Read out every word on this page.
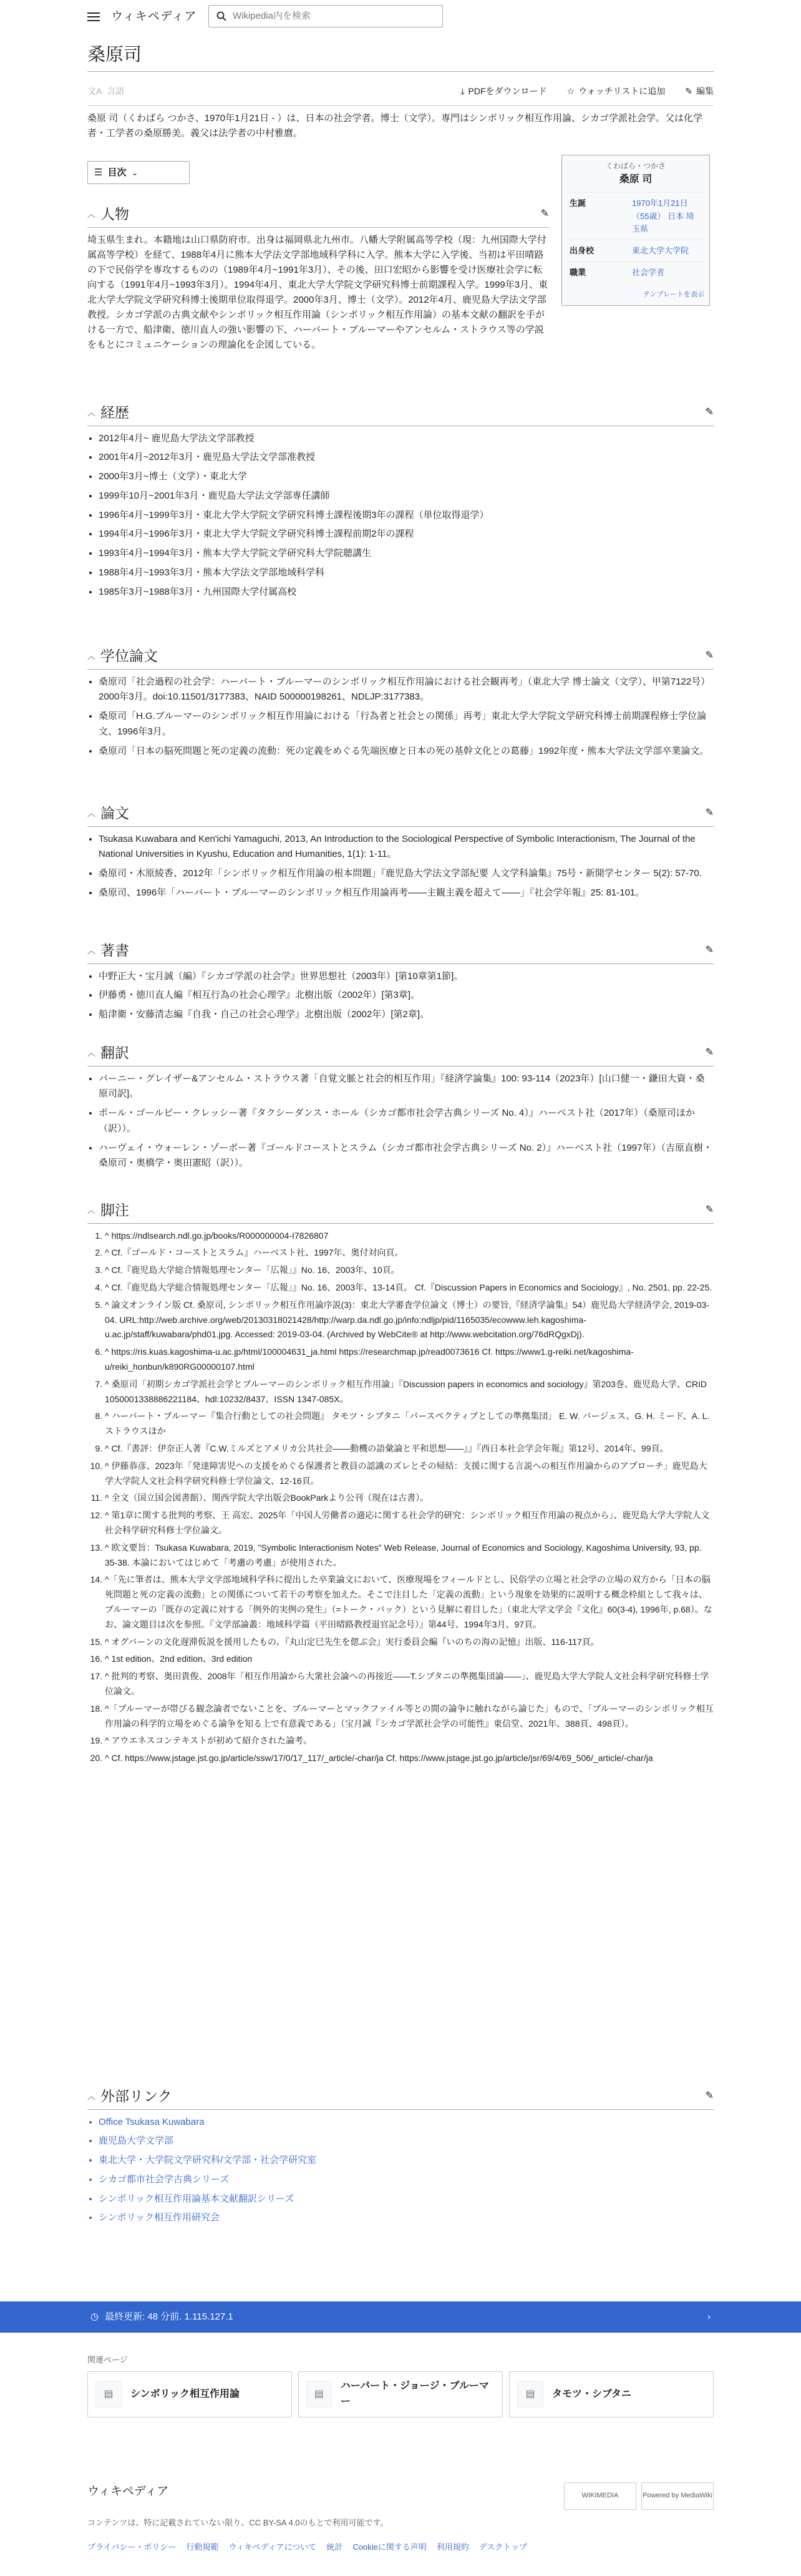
ウィキペディア	Wikipedia内を検索
桑原司
文A 言語	⤓ PDFをダウンロード ☆ ウォッチリストに追加 ✎ 編集
桑原 司（くわばら つかさ、1970年1月21日 - ）は、日本の社会学者。博士（文学）。専門はシンボリック相互作用論、シカゴ学派社会学。父は化学者・工学者の桑原勝美。義父は法学者の中村雅麿。
☰ 目次 ⌄
くわばら・つかさ
桑原 司
生誕	1970年1月21日（55歳） 日本 埼玉県
出身校	東北大学大学院
職業	社会学者
テンプレートを表示
︿ 人物	✎
埼玉県生まれ。本籍地は山口県防府市。出身は福岡県北九州市。八幡大学附属高等学校（現：九州国際大学付属高等学校）を経て、1988年4月に熊本大学法文学部地域科学科に入学。熊本大学に入学後、当初は平田晴路の下で民俗学を専攻するものの（1989年4月~1991年3月）、その後、田口宏昭から影響を受け医療社会学に転向する（1991年4月~1993年3月）。1994年4月、東北大学大学院文学研究科博士前期課程入学。1999年3月、東北大学大学院文学研究科博士後期単位取得退学。2000年3月、博士（文学）。2012年4月、鹿児島大学法文学部教授。シカゴ学派の古典文献やシンボリック相互作用論（シンボリック相互作用論）の基本文献の翻訳を手がける一方で、船津衛、徳川直人の強い影響の下、ハーバート・ブルーマーやアンセルム・ストラウス等の学説をもとにコミュニケーションの理論化を企図している。
︿ 経歴	✎
• 2012年4月~ 鹿児島大学法文学部教授
• 2001年4月~2012年3月・鹿児島大学法文学部准教授
• 2000年3月~博士（文学）・東北大学
• 1999年10月~2001年3月・鹿児島大学法文学部専任講師
• 1996年4月~1999年3月・東北大学大学院文学研究科博士課程後期3年の課程（単位取得退学）
• 1994年4月~1996年3月・東北大学大学院文学研究科博士課程前期2年の課程
• 1993年4月~1994年3月・熊本大学大学院文学研究科大学院聴講生
• 1988年4月~1993年3月・熊本大学法文学部地域科学科
• 1985年3月~1988年3月・九州国際大学付属高校
︿ 学位論文	✎
• 桑原司「社会過程の社会学：ハーバート・ブルーマーのシンボリック相互作用論における社会観再考」（東北大学 博士論文（文学）、甲第7122号）2000年3月。doi:10.11501/3177383、NAID 500000198261、NDLJP:3177383。
• 桑原司「H.G.ブルーマーのシンボリック相互作用論における「行為者と社会との関係」再考」東北大学大学院文学研究科博士前期課程修士学位論文、1996年3月。
• 桑原司「日本の脳死問題と死の定義の流動：死の定義をめぐる先端医療と日本の死の基幹文化との葛藤」1992年度・熊本大学法文学部卒業論文。
︿ 論文	✎
• Tsukasa Kuwabara and Ken'ichi Yamaguchi, 2013, An Introduction to the Sociological Perspective of Symbolic Interactionism, The Journal of the National Universities in Kyushu, Education and Humanities, 1(1): 1-11。
• 桑原司・木原綾香、2012年「シンボリック相互作用論の根本問題」『鹿児島大学法文学部紀要 人文学科論集』75号・新開学センター 5(2): 57-70.
• 桑原司、1996年「ハーバート・ブルーマーのシンボリック相互作用論再考――主観主義を超えて――」『社会学年報』25: 81-101。
︿ 著書	✎
• 中野正大・宝月誠（編）『シカゴ学派の社会学』世界思想社（2003年）[第10章第1節]。
• 伊藤勇・徳川直人編『相互行為の社会心理学』北樹出版（2002年）[第3章]。
• 船津衛・安藤清志編『自我・自己の社会心理学』北樹出版（2002年）[第2章]。
︿ 翻訳	✎
• バーニー・グレイザー&アンセルム・ストラウス著「自覚文脈と社会的相互作用」『経済学論集』100: 93-114（2023年）[山口健一・鎌田大資・桑原司訳]。
• ポール・ゴールビー・クレッシー著『タクシーダンス・ホール（シカゴ都市社会学古典シリーズ No. 4）』ハーベスト社（2017年）（桑原司ほか（訳））。
• ハーヴェイ・ウォーレン・ゾーボー著『ゴールドコーストとスラム（シカゴ都市社会学古典シリーズ No. 2）』ハーベスト社（1997年）（吉原直樹・桑原司・奥橋学・奥田憲昭（訳））。
︿ 脚注	✎
1. ^ https://ndlsearch.ndl.go.jp/books/R000000004-I7826807
2. ^ Cf.『ゴールド・コーストとスラム』ハーベスト社、1997年、奥付対向頁。
3. ^ Cf.『鹿児島大学総合情報処理センター「広報」』No. 16、2003年、10頁。
4. ^ Cf.『鹿児島大学総合情報処理センター「広報」』No. 16、2003年、13-14頁。 Cf.『Discussion Papers in Economics and Sociology』, No. 2501, pp. 22-25.
5. ^ 論文オンライン版 Cf. 桑原司, シンボリック相互作用論序説(3)：東北大学審査学位論文（博士）の要旨,『経済学論集』54）鹿児島大学経済学会, 2019-03-04. URL:http://web.archive.org/web/20130318021428/http://warp.da.ndl.go.jp/info:ndljp/pid/1165035/ecowww.leh.kagoshima-u.ac.jp/staff/kuwabara/phd01.jpg. Accessed: 2019-03-04. (Archived by WebCite® at http://www.webcitation.org/76dRQgxDj).
6. ^ https://ris.kuas.kagoshima-u.ac.jp/html/100004631_ja.html https://researchmap.jp/read0073616 Cf. https://www1.g-reiki.net/kagoshima-u/reiki_honbun/k890RG00000107.html
7. ^ 桑原司「初期シカゴ学派社会学とブルーマーのシンボリック相互作用論」『Discussion papers in economics and sociology』第203巻、鹿児島大学、CRID 1050001338886221184、hdl:10232/8437、ISSN 1347-085X。
8. ^ ハーバート・ブルーマー『集合行動としての社会問題』 タモツ・シブタニ「パースペクティブとしての準拠集団」 E. W. バージェス、G. H. ミード、A. L. ストラウスほか
9. ^ Cf.『書評：伊奈正人著『C.W.ミルズとアメリカ公共社会――動機の語彙論と平和思想――』』『西日本社会学会年報』第12号、2014年、99頁。
10. ^ 伊藤恭彦、2023年「発達障害児への支援をめぐる保護者と教員の認識のズレとその帰結：支援に関する言説への相互作用論からのアプローチ」鹿児島大学大学院人文社会科学研究科修士学位論文、12-16頁。
11. ^ 全文（国立国会図書館）、関西学院大学出版会BookParkより公刊（現在は古書）。
12. ^ 第1章に関する批判的考察、王 高宏、2025年「中国人労働者の適応に関する社会学的研究：シンボリック相互作用論の視点から」、鹿児島大学大学院人文社会科学研究科修士学位論文。
13. ^ 欧文要旨：Tsukasa Kuwabara, 2019, "Symbolic Interactionism Notes" Web Release, Journal of Economics and Sociology, Kagoshima University, 93, pp. 35-38. 本論においてはじめて「考慮の考慮」が使用された。
14. ^「先に筆者は、熊本大学文学部地域科学科に提出した卒業論文において、医療現場をフィールドとし、民俗学の立場と社会学の立場の双方から「日本の脳死問題と死の定義の流動」との関係について若干の考察を加えた。そこで注目した「定義の流動」という現象を効果的に説明する概念枠組として我々は、ブルーマーの「既存の定義に対する「例外的実例の発生」（=トーク・バック）という見解に着目した」（東北大学文学会『文化』60(3-4), 1996年, p.68）。なお、論文題目は次を参照。『文学部論叢：地域科学篇（平田晴路教授退官記念号）』第44号、1994年3月、97頁。
15. ^ オグバーンの文化遅滞仮説を援用したもの。『丸山定巳先生を偲ぶ会』実行委員会編『いのちの海の記憶』出版、116-117頁。
16. ^ 1st edition、2nd edition、3rd edition
17. ^ 批判的考察、奥田貴俊、2008年「相互作用論から大衆社会論への再接近――T.シブタニの準拠集団論――」、鹿児島大学大学院人文社会科学研究科修士学位論文。
18. ^「ブルーマーが帯びる観念論者でないことを、ブルーマーとマックファイル等との間の論争に触れながら論じた」もので、「ブルーマーのシンボリック相互作用論の科学的立場をめぐる論争を知る上で有意義である」（宝月誠『シカゴ学派社会学の可能性』東信堂、2021年、388頁、498頁）。
19. ^ アウエネスコンテキストが初めて紹介された論考。
20. ^ Cf. https://www.jstage.jst.go.jp/article/ssw/17/0/17_117/_article/-char/ja Cf. https://www.jstage.jst.go.jp/article/jsr/69/4/69_506/_article/-char/ja
︿ 外部リンク	✎
• Office Tsukasa Kuwabara
• 鹿児島大学文学部
• 東北大学・大学院文学研究科/文学部・社会学研究室
• シカゴ都市社会学古典シリーズ
• シンボリック相互作用論基本文献翻訳シリーズ
• シンボリック相互作用研究会
◷ 最終更新: 48 分前. 1.115.127.1	›
関連ページ
▤	シンボリック相互作用論	▤
ハーバート・ジョージ・ブルーマー
▤	タモツ・シブタニ
ウィキペディア	WIKIMEDIA	Powered by MediaWiki
コンテンツは、特に記載されていない限り、CC BY-SA 4.0のもとで利用可能です。
プライバシー・ポリシー 行動規範 ウィキペディアについて 統計 Cookieに関する声明 利用規約 デスクトップ
